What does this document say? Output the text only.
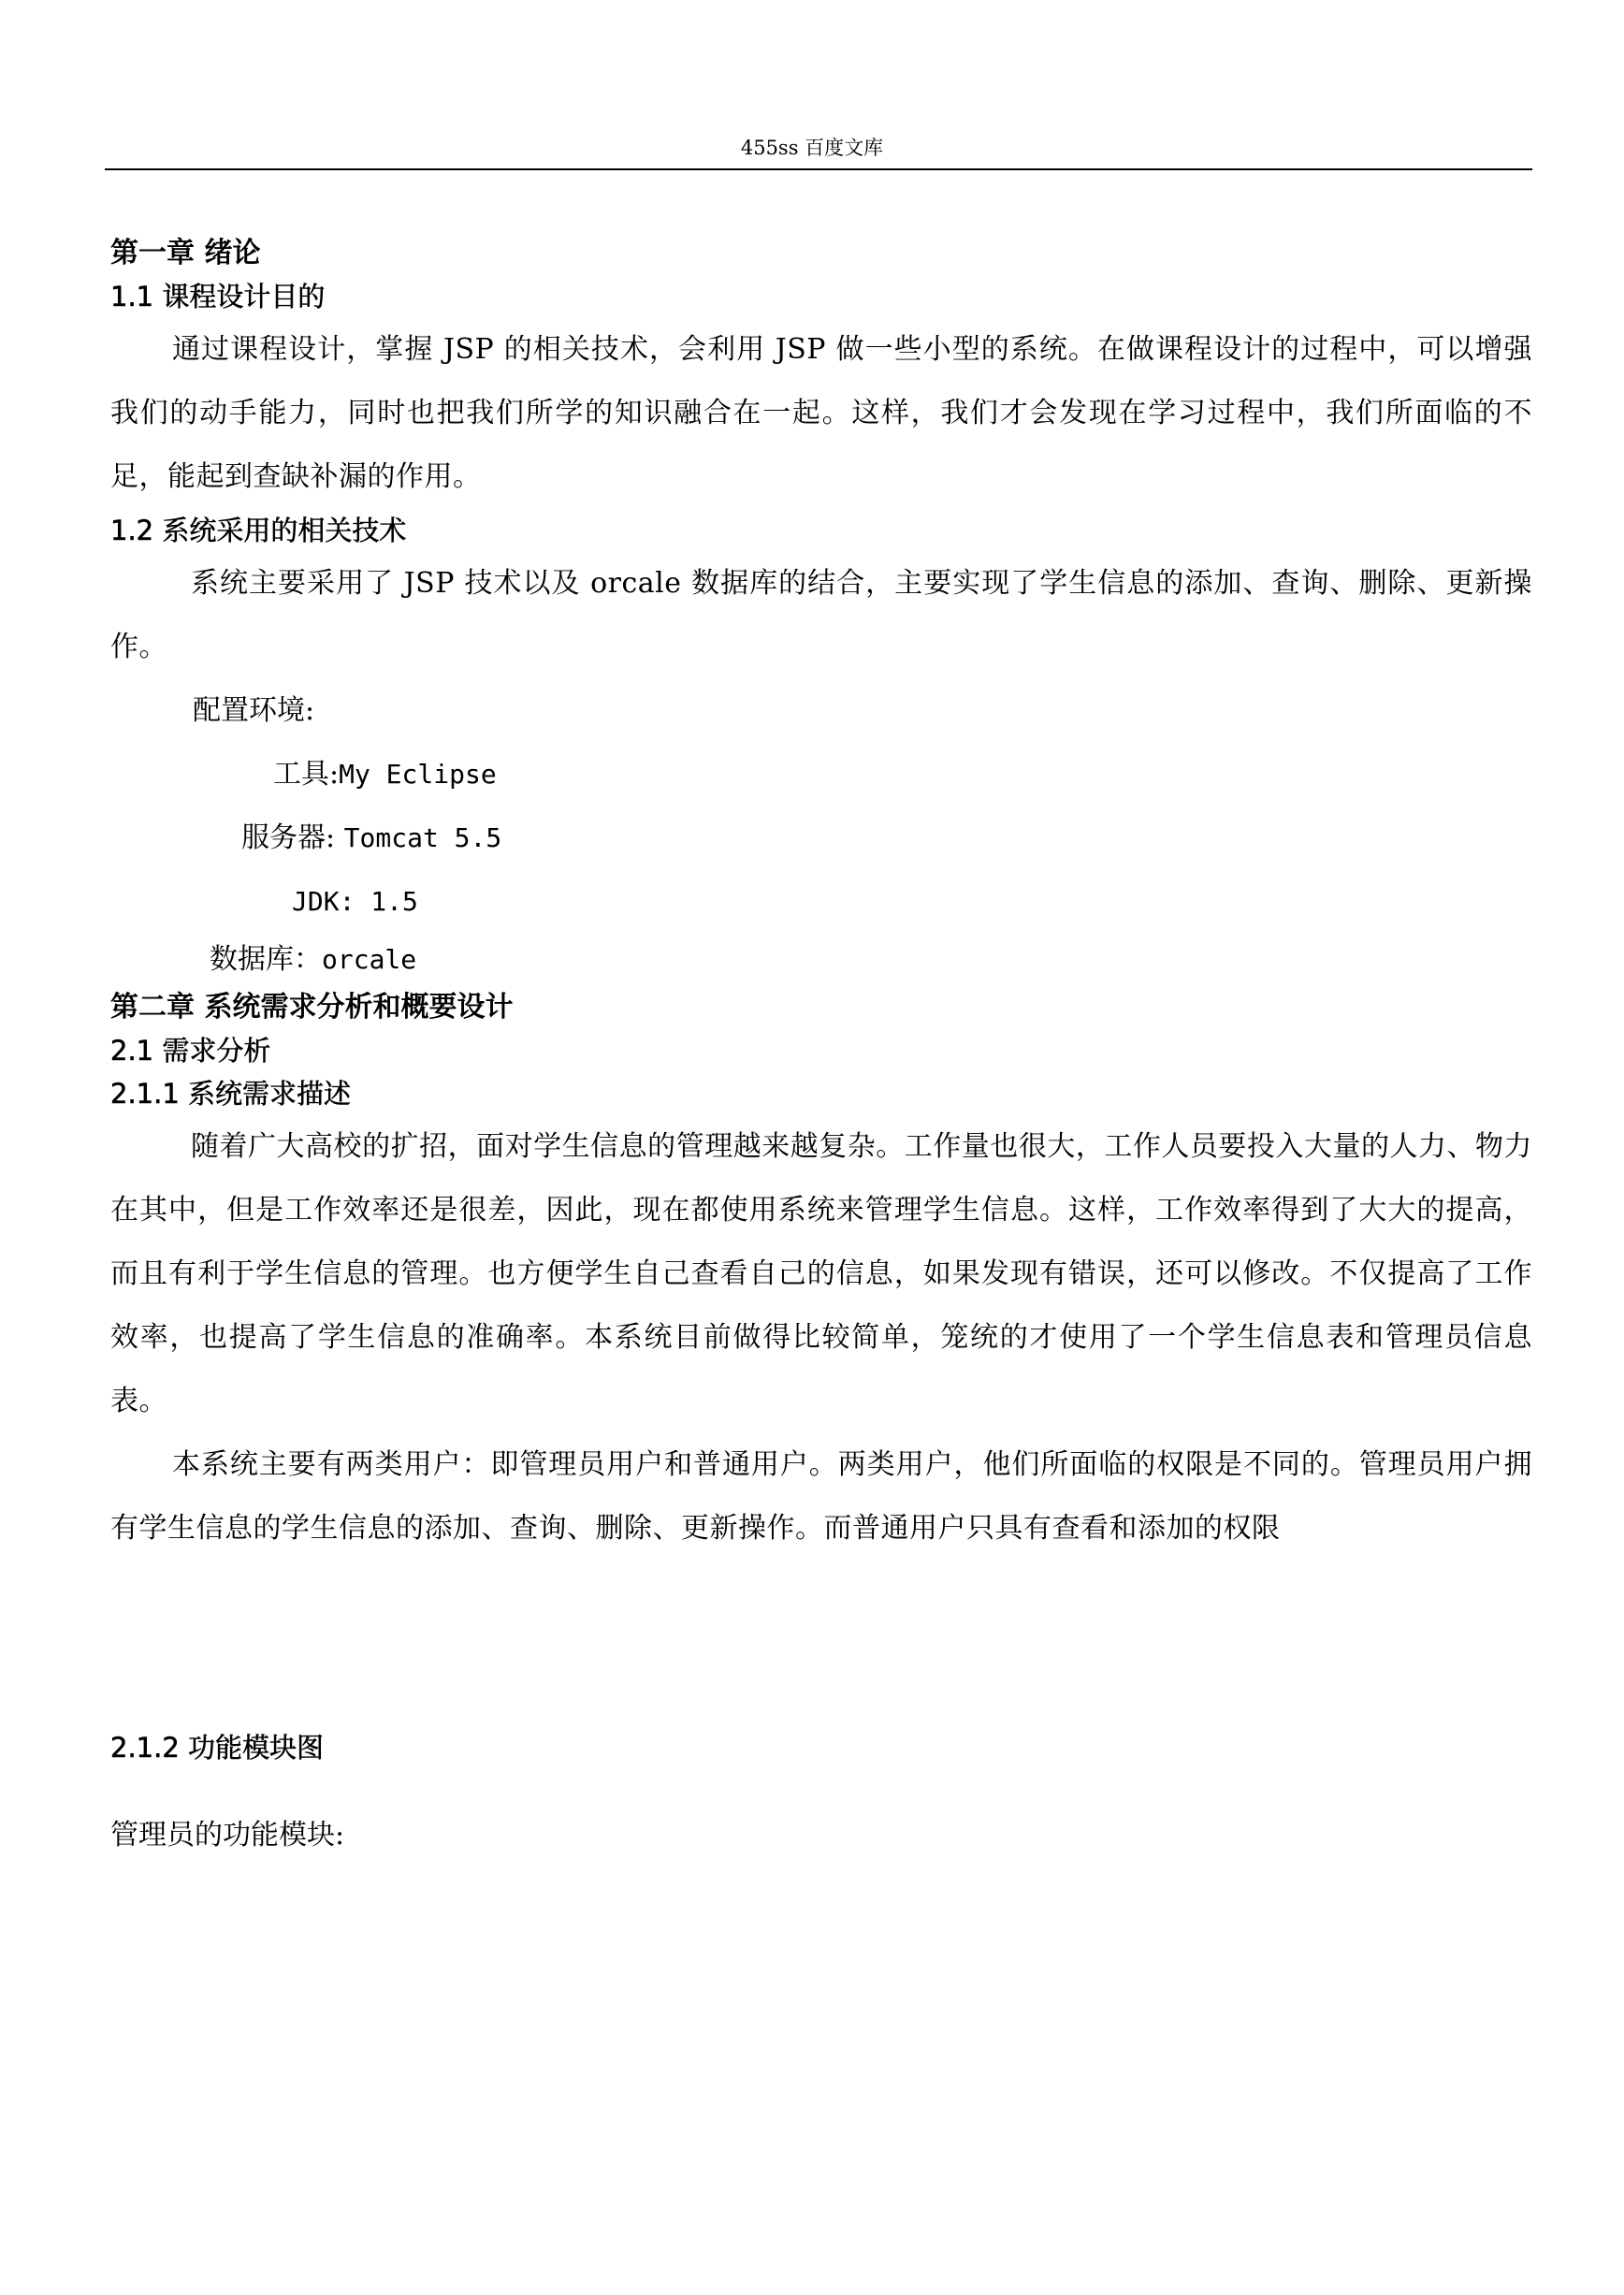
455ss 百度文库
第一章 绪论
1.1 课程设计目的

通过课程设计，掌握 JSP 的相关技术，会利用 JSP 做一些小型的系统。在做课程设计的过程中，可以增强我们的动手能力，同时也把我们所学的知识融合在一起。这样，我们才会发现在学习过程中，我们所面临的不足，能起到查缺补漏的作用。

1.2 系统采用的相关技术

系统主要采用了 JSP 技术以及 orcale 数据库的结合，主要实现了学生信息的添加、查询、删除、更新操作。

配置环境:

工具:My Eclipse

服务器: Tomcat 5.5

JDK: 1.5

数据库：orcale

第二章 系统需求分析和概要设计
2.1 需求分析
2.1.1 系统需求描述

随着广大高校的扩招，面对学生信息的管理越来越复杂。工作量也很大，工作人员要投入大量的人力、物力在其中，但是工作效率还是很差，因此，现在都使用系统来管理学生信息。这样，工作效率得到了大大的提高，而且有利于学生信息的管理。也方便学生自己查看自己的信息，如果发现有错误，还可以修改。不仅提高了工作效率，也提高了学生信息的准确率。本系统目前做得比较简单，笼统的才使用了一个学生信息表和管理员信息表。

本系统主要有两类用户：即管理员用户和普通用户。两类用户，他们所面临的权限是不同的。管理员用户拥有学生信息的学生信息的添加、查询、删除、更新操作。而普通用户只具有查看和添加的权限

2.1.2 功能模块图

管理员的功能模块:
